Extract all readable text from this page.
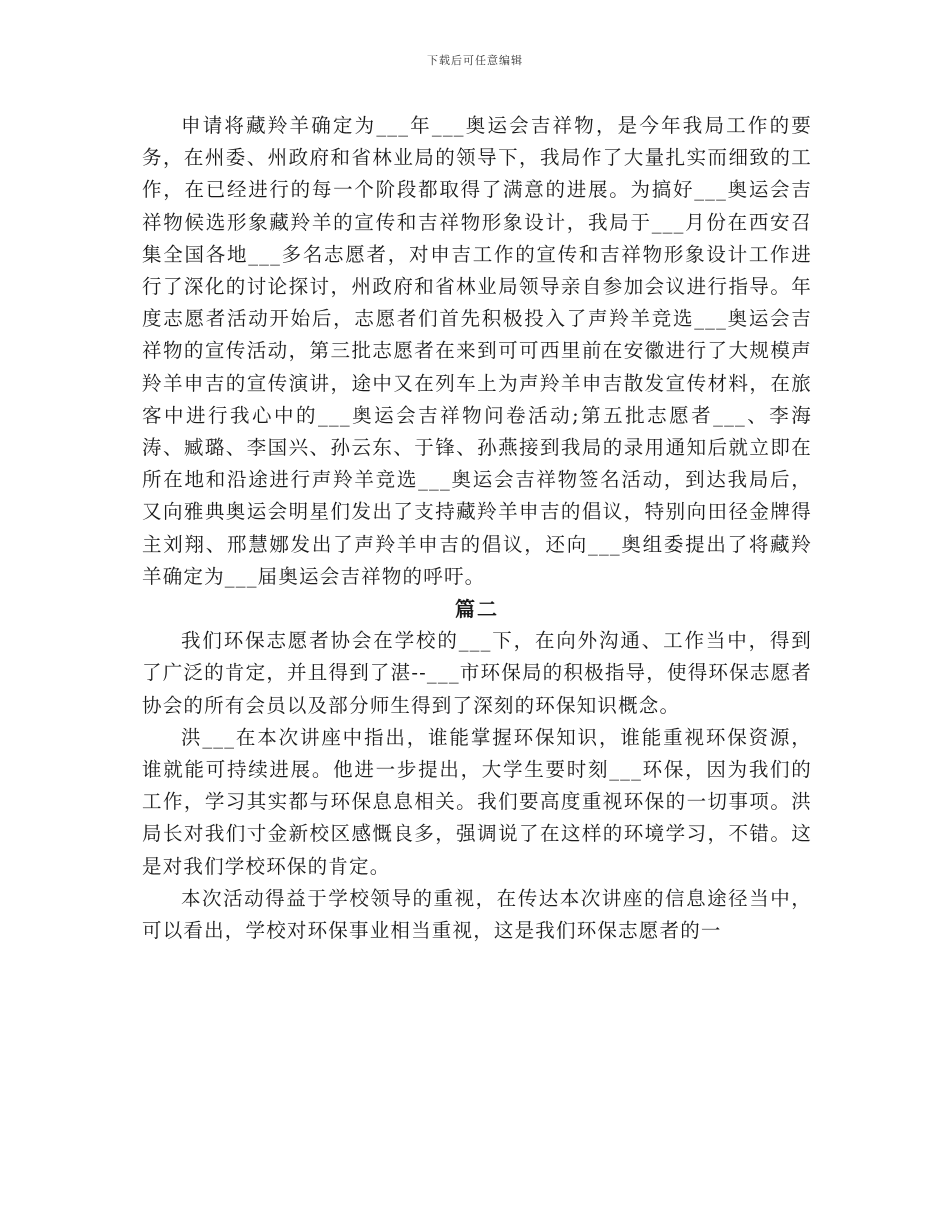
下载后可任意编辑

申请将藏羚羊确定为___年___奥运会吉祥物，是今年我局工作的要务，在州委、州政府和省林业局的领导下，我局作了大量扎实而细致的工作，在已经进行的每一个阶段都取得了满意的进展。为搞好___奥运会吉祥物候选形象藏羚羊的宣传和吉祥物形象设计，我局于___月份在西安召集全国各地___多名志愿者，对申吉工作的宣传和吉祥物形象设计工作进行了深化的讨论探讨，州政府和省林业局领导亲自参加会议进行指导。年度志愿者活动开始后，志愿者们首先积极投入了声羚羊竞选___奥运会吉祥物的宣传活动，第三批志愿者在来到可可西里前在安徽进行了大规模声羚羊申吉的宣传演讲，途中又在列车上为声羚羊申吉散发宣传材料，在旅客中进行我心中的___奥运会吉祥物问卷活动;第五批志愿者___、李海涛、臧璐、李国兴、孙云东、于锋、孙燕接到我局的录用通知后就立即在所在地和沿途进行声羚羊竞选___奥运会吉祥物签名活动，到达我局后，又向雅典奥运会明星们发出了支持藏羚羊申吉的倡议，特别向田径金牌得主刘翔、邢慧娜发出了声羚羊申吉的倡议，还向___奥组委提出了将藏羚羊确定为___届奥运会吉祥物的呼吁。

篇二

我们环保志愿者协会在学校的___下，在向外沟通、工作当中，得到了广泛的肯定，并且得到了湛--___市环保局的积极指导，使得环保志愿者协会的所有会员以及部分师生得到了深刻的环保知识概念。

洪___在本次讲座中指出，谁能掌握环保知识，谁能重视环保资源，谁就能可持续进展。他进一步提出，大学生要时刻___环保，因为我们的工作，学习其实都与环保息息相关。我们要高度重视环保的一切事项。洪局长对我们寸金新校区感慨良多，强调说了在这样的环境学习，不错。这是对我们学校环保的肯定。

本次活动得益于学校领导的重视，在传达本次讲座的信息途径当中，可以看出，学校对环保事业相当重视，这是我们环保志愿者的一
